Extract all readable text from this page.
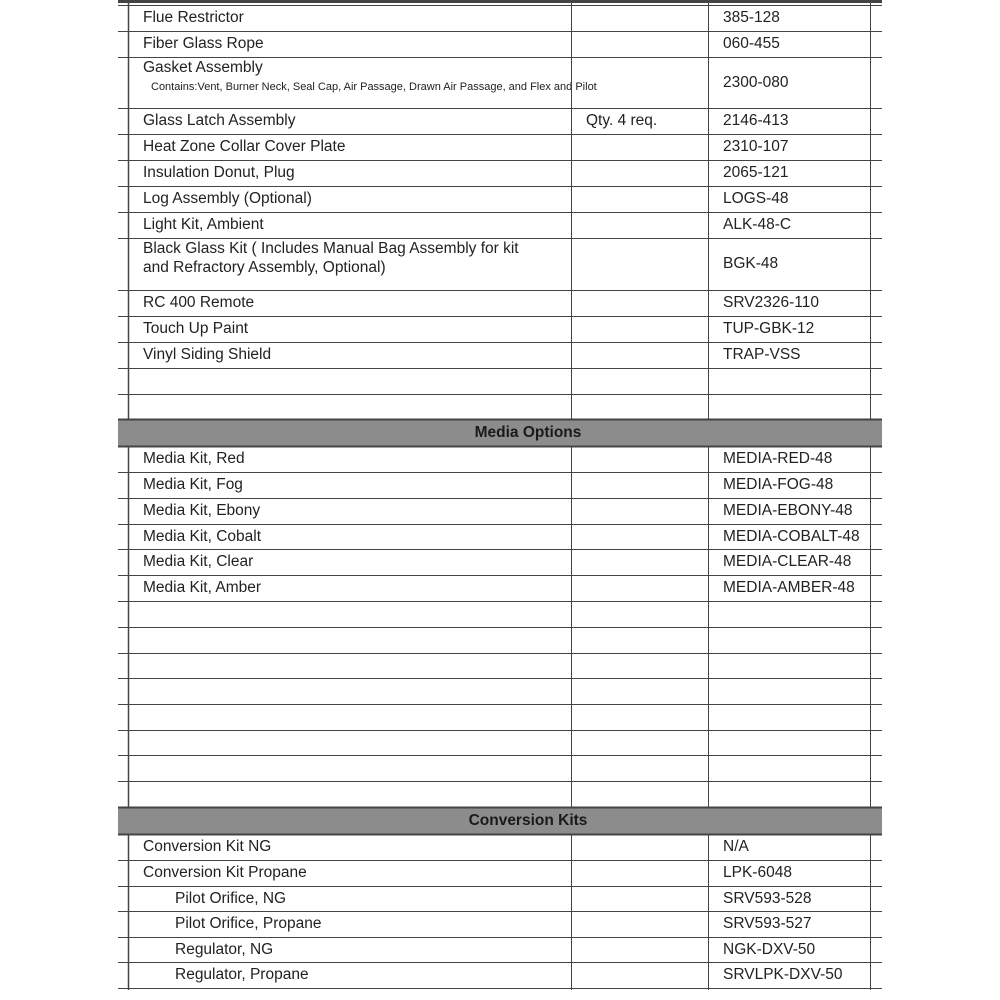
Flue Restrictor	385-128
Fiber Glass Rope	060-455
Gasket Assembly
Contains:Vent, Burner Neck, Seal Cap, Air Passage, Drawn Air Passage, and Flex and Pilot	2300-080
Glass Latch Assembly	Qty. 4 req.	2146-413
Heat Zone Collar Cover Plate	2310-107
Insulation Donut, Plug	2065-121
Log Assembly (Optional)	LOGS-48
Light Kit, Ambient	ALK-48-C
Black Glass Kit ( Includes Manual Bag Assembly for kit
and Refractory Assembly, Optional)	BGK-48
RC 400 Remote	SRV2326-110
Touch Up Paint	TUP-GBK-12
Vinyl Siding Shield	TRAP-VSS
Media Options
Media Kit, Red	MEDIA-RED-48
Media Kit, Fog	MEDIA-FOG-48
Media Kit, Ebony	MEDIA-EBONY-48
Media Kit, Cobalt	MEDIA-COBALT-48
Media Kit, Clear	MEDIA-CLEAR-48
Media Kit, Amber	MEDIA-AMBER-48
Conversion Kits
Conversion Kit NG	N/A
Conversion Kit Propane	LPK-6048
Pilot Orifice, NG	SRV593-528
Pilot Orifice, Propane	SRV593-527
Regulator, NG	NGK-DXV-50
Regulator, Propane	SRVLPK-DXV-50
